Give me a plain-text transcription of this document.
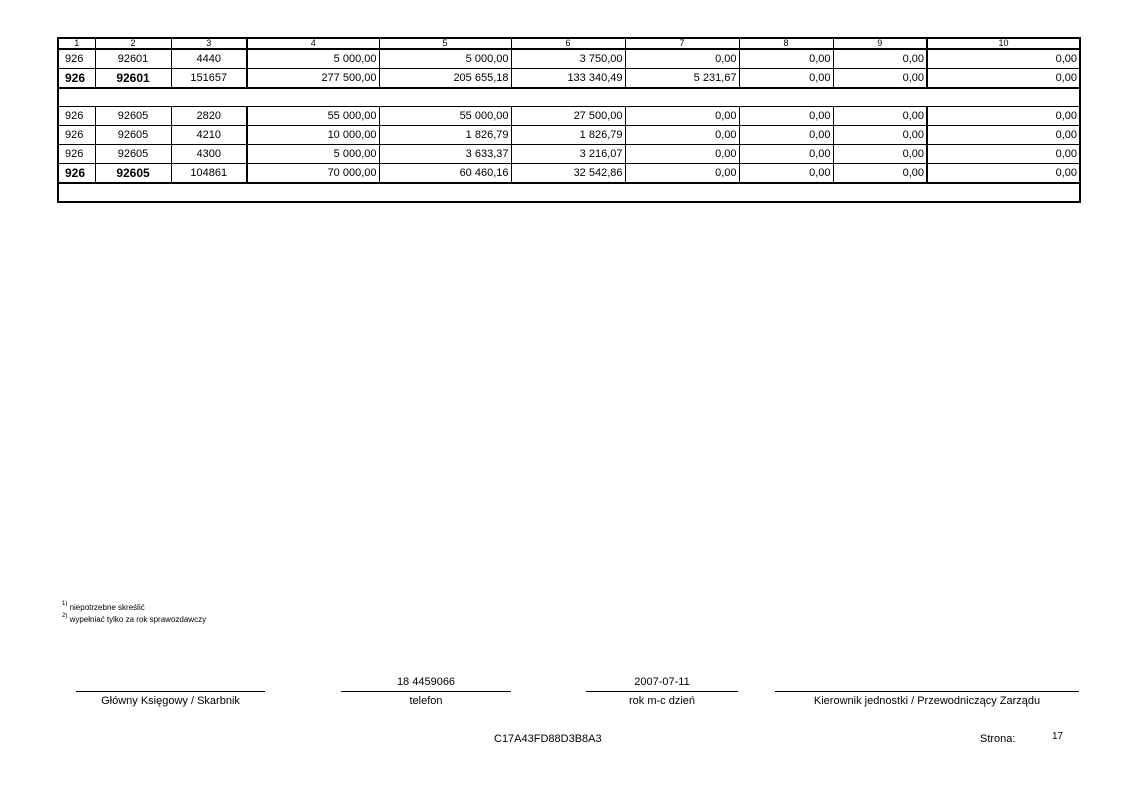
1	2	3	4	5	6	7	8	9	10
926	92601	4440	5 000,00	5 000,00	3 750,00	0,00	0,00	0,00	0,00
926	92601	151657	277 500,00	205 655,18	133 340,49	5 231,67	0,00	0,00	0,00

926	92605	2820	55 000,00	55 000,00	27 500,00	0,00	0,00	0,00	0,00
926	92605	4210	10 000,00	1 826,79	1 826,79	0,00	0,00	0,00	0,00
926	92605	4300	5 000,00	3 633,37	3 216,07	0,00	0,00	0,00	0,00
926	92605	104861	70 000,00	60 460,16	32 542,86	0,00	0,00	0,00	0,00

$^{1)}$ niepotrzebne skreślić
$^{2)}$ wypełniać tylko za rok sprawozdawczy
Główny Księgowy / Skarbnik
18 4459066
telefon
2007-07-11
rok m-c dzień	Kierownik jednostki / Przewodniczący Zarządu
C17A43FD88D3B8A3	Strona:	17
